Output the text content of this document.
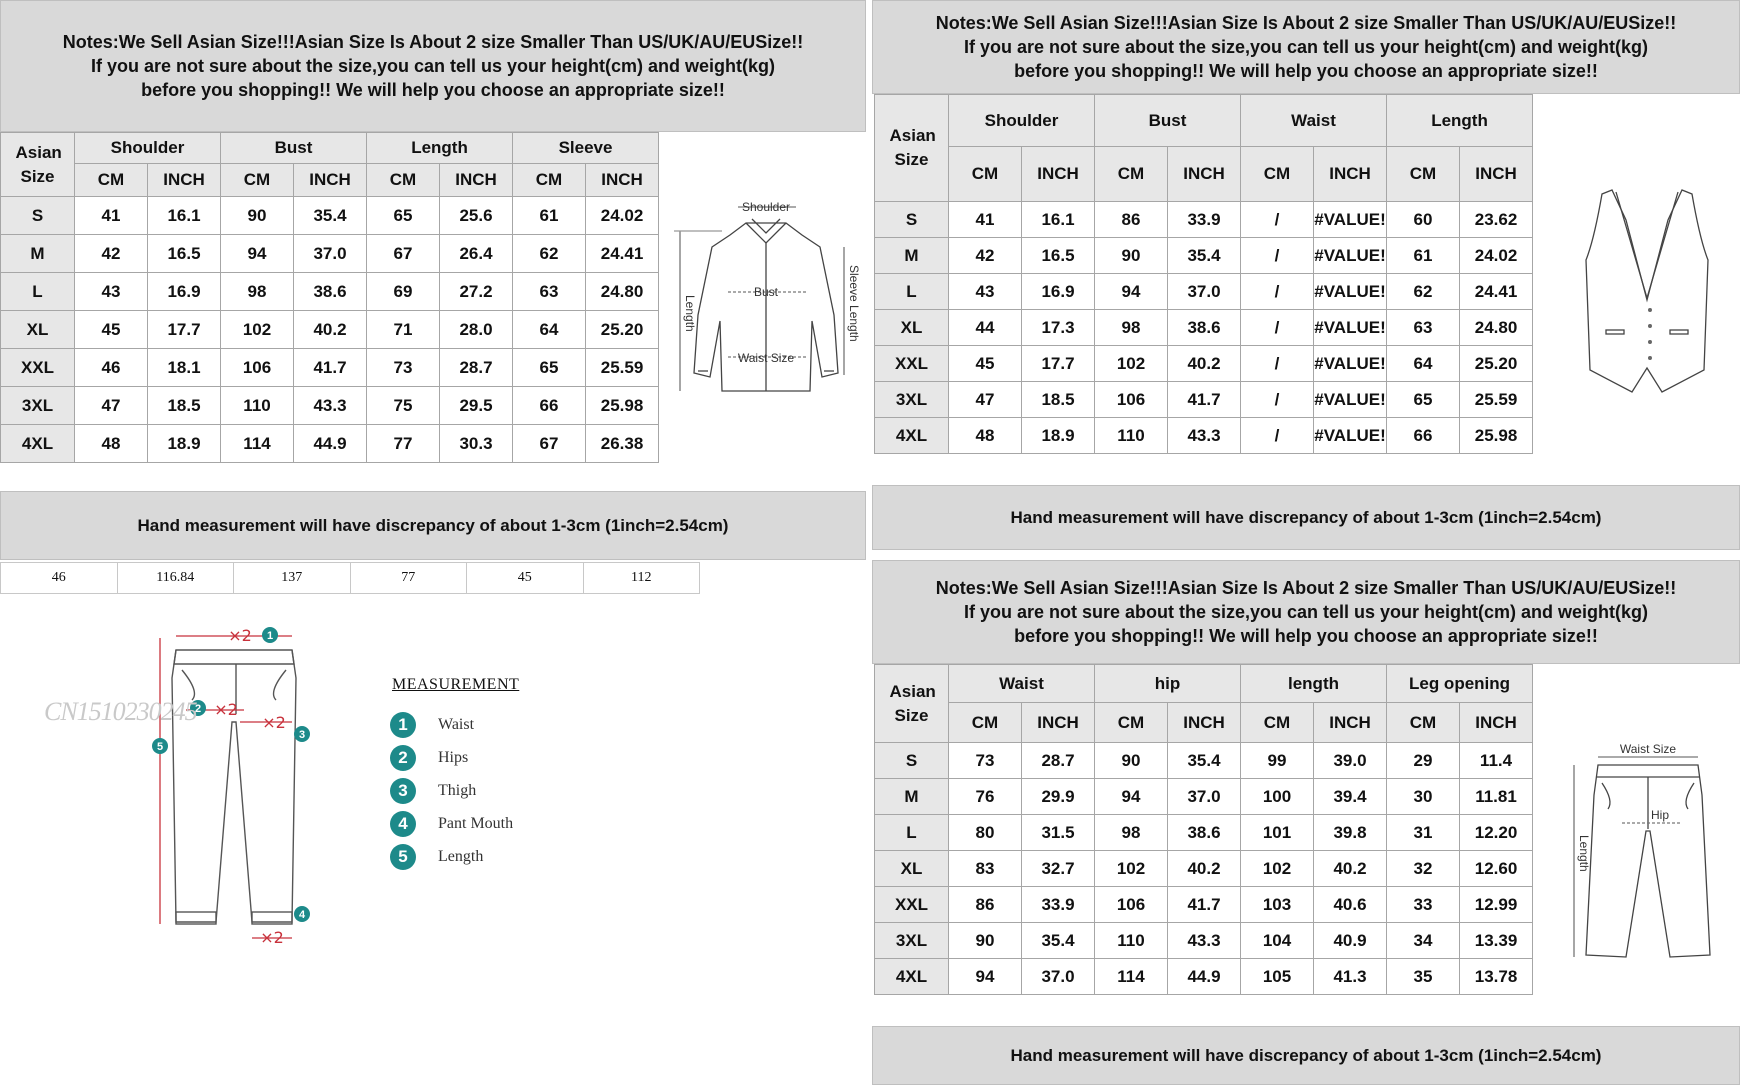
Notes:We Sell Asian Size!!!Asian Size Is About 2 size Smaller Than US/UK/AU/EUSize!!
If you are not sure about the size,you can tell us your height(cm) and weight(kg)
before you shopping!! We will help you choose an appropriate size!!
Asian Size	Shoulder		Bust		Length		Sleeve	
	CM	INCH	CM	INCH	CM	INCH	CM	INCH
S	41	16.1	90	35.4	65	25.6	61	24.02
M	42	16.5	94	37.0	67	26.4	62	24.41
L	43	16.9	98	38.6	69	27.2	63	24.80
XL	45	17.7	102	40.2	71	28.0	64	25.20
XXL	46	18.1	106	41.7	73	28.7	65	25.59
3XL	47	18.5	110	43.3	75	29.5	66	25.98
4XL	48	18.9	114	44.9	77	30.3	67	26.38
Shoulder
Bust
Waist Size
Length	Sleeve Length
Hand measurement will have discrepancy of about 1-3cm (1inch=2.54cm)
46	116.84	137	77	45	112
×2
×2
×2
×2
1
2
3
4
5
CN1510230245
MEASUREMENT
1	Waist
2	Hips
3	Thigh
4	Pant Mouth
5	Length
Notes:We Sell Asian Size!!!Asian Size Is About 2 size Smaller Than US/UK/AU/EUSize!!
If you are not sure about the size,you can tell us your height(cm) and weight(kg)
before you shopping!! We will help you choose an appropriate size!!
Asian Size	Shoulder		Bust		Waist		Length	
	CM	INCH	CM	INCH	CM	INCH	CM	INCH
S	41	16.1	86	33.9	/	#VALUE!	60	23.62
M	42	16.5	90	35.4	/	#VALUE!	61	24.02
L	43	16.9	94	37.0	/	#VALUE!	62	24.41
XL	44	17.3	98	38.6	/	#VALUE!	63	24.80
XXL	45	17.7	102	40.2	/	#VALUE!	64	25.20
3XL	47	18.5	106	41.7	/	#VALUE!	65	25.59
4XL	48	18.9	110	43.3	/	#VALUE!	66	25.98
Hand measurement will have discrepancy of about 1-3cm (1inch=2.54cm)
Notes:We Sell Asian Size!!!Asian Size Is About 2 size Smaller Than US/UK/AU/EUSize!!
If you are not sure about the size,you can tell us your height(cm) and weight(kg)
before you shopping!! We will help you choose an appropriate size!!
Asian Size	Waist		hip		length		Leg opening	
	CM	INCH	CM	INCH	CM	INCH	CM	INCH
S	73	28.7	90	35.4	99	39.0	29	11.4
M	76	29.9	94	37.0	100	39.4	30	11.81
L	80	31.5	98	38.6	101	39.8	31	12.20
XL	83	32.7	102	40.2	102	40.2	32	12.60
XXL	86	33.9	106	41.7	103	40.6	33	12.99
3XL	90	35.4	110	43.3	104	40.9	34	13.39
4XL	94	37.0	114	44.9	105	41.3	35	13.78
Waist Size
Hip
Length
Hand measurement will have discrepancy of about 1-3cm (1inch=2.54cm)
